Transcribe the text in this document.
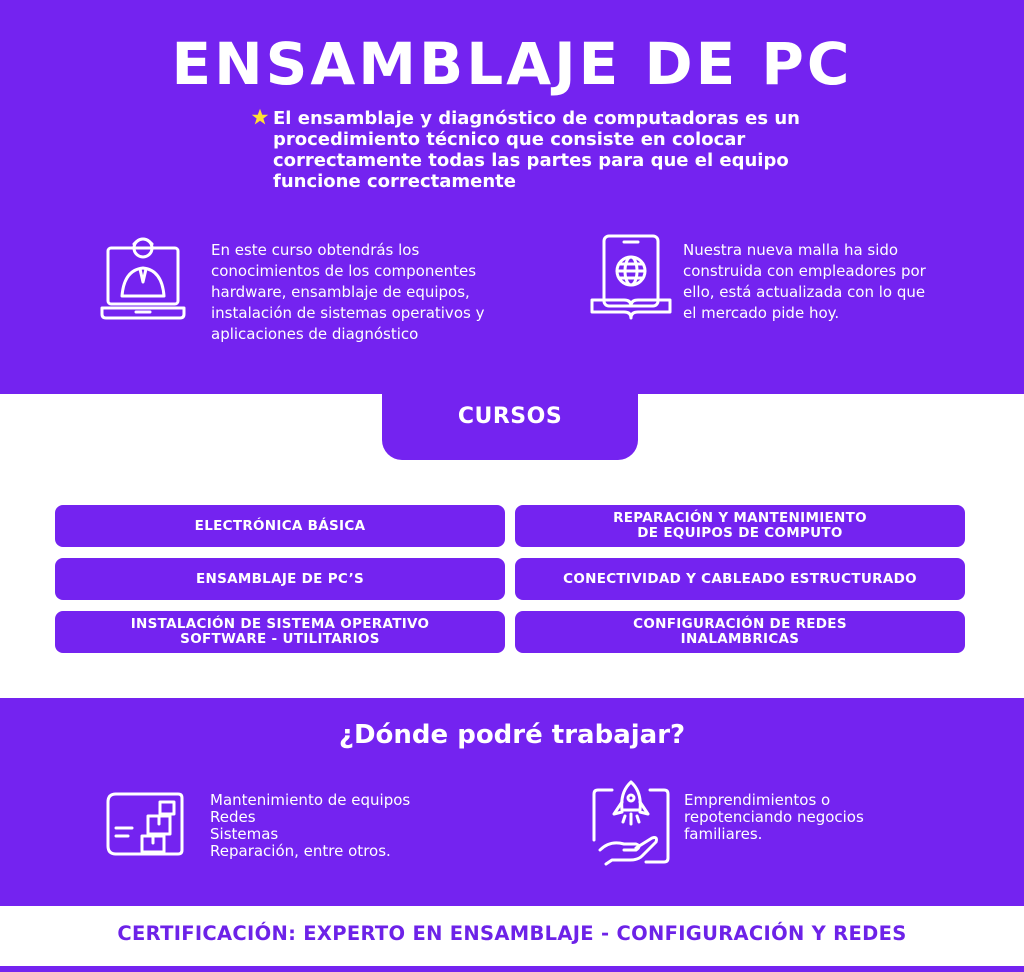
ENSAMBLAJE DE PC
El ensamblaje y diagnóstico de computadoras es un procedimiento técnico que consiste en colocar correctamente todas las partes para que el equipo funcione correctamente
En este curso obtendrás los conocimientos de los componentes hardware, ensamblaje de equipos, instalación de sistemas operativos y aplicaciones de diagnóstico
Nuestra nueva malla ha sido construida con empleadores por ello, está actualizada con lo que el mercado pide hoy.
CURSOS
ELECTRÓNICA BÁSICA	REPARACIÓN Y MANTENIMIENTO
DE EQUIPOS DE COMPUTO
ENSAMBLAJE DE PC’S	CONECTIVIDAD Y CABLEADO ESTRUCTURADO
INSTALACIÓN DE SISTEMA OPERATIVO
SOFTWARE - UTILITARIOS
CONFIGURACIÓN DE REDES
INALAMBRICAS
¿Dónde podré trabajar?
Mantenimiento de equipos
Redes
Sistemas
Reparación, entre otros.
Emprendimientos o
repotenciando negocios
familiares.
CERTIFICACIÓN: EXPERTO EN ENSAMBLAJE - CONFIGURACIÓN Y REDES
